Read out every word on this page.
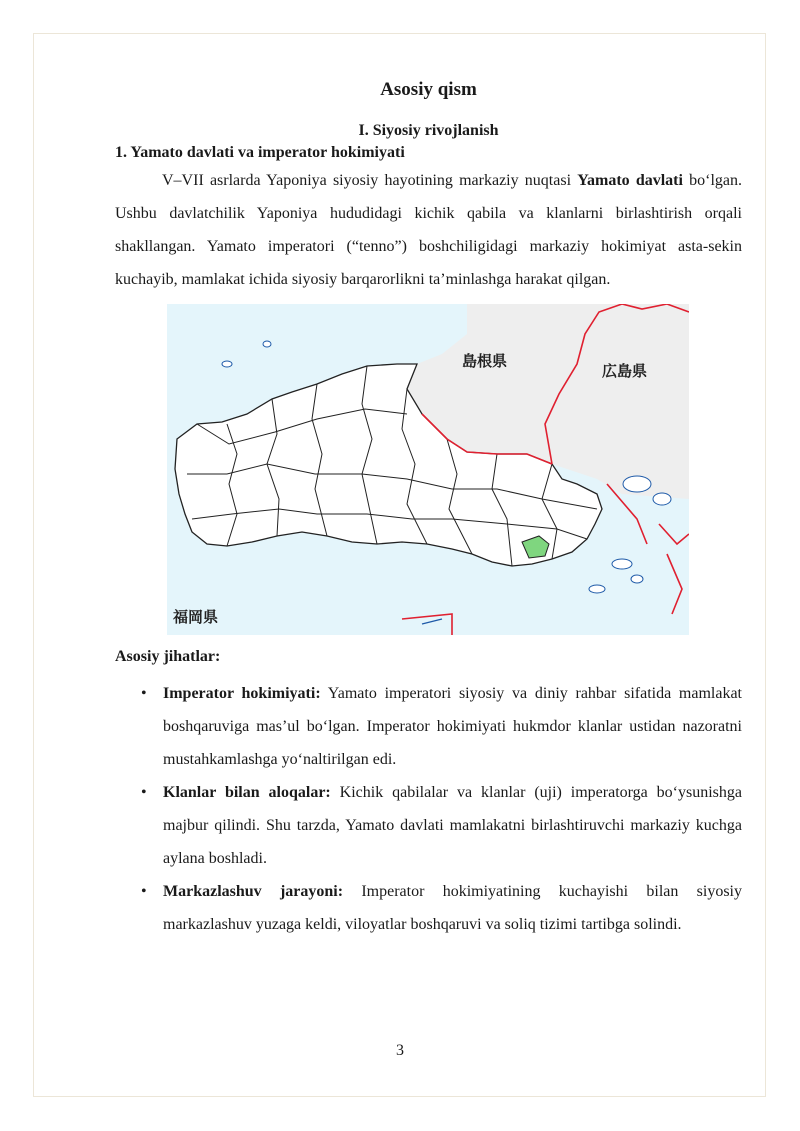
Asosiy qism
I. Siyosiy rivojlanish
1. Yamato davlati va imperator hokimiyati

V–VII asrlarda Yaponiya siyosiy hayotining markaziy nuqtasi Yamato davlati bo‘lgan. Ushbu davlatchilik Yaponiya hududidagi kichik qabila va klanlarni birlashtirish orqali shakllangan. Yamato imperatori (“tenno”) boshchiligidagi markaziy hokimiyat asta-sekin kuchayib, mamlakat ichida siyosiy barqarorlikni ta’minlashga harakat qilgan.

島根県
広島県
福岡県
Asosiy jihatlar:
• Imperator hokimiyati: Yamato imperatori siyosiy va diniy rahbar sifatida mamlakat boshqaruviga mas’ul bo‘lgan. Imperator hokimiyati hukmdor klanlar ustidan nazoratni mustahkamlashga yo‘naltirilgan edi.
• Klanlar bilan aloqalar: Kichik qabilalar va klanlar (uji) imperatorga bo‘ysunishga majbur qilindi. Shu tarzda, Yamato davlati mamlakatni birlashtiruvchi markaziy kuchga aylana boshladi.
• Markazlashuv jarayoni: Imperator hokimiyatining kuchayishi bilan siyosiy markazlashuv yuzaga keldi, viloyatlar boshqaruvi va soliq tizimi tartibga solindi.
3
